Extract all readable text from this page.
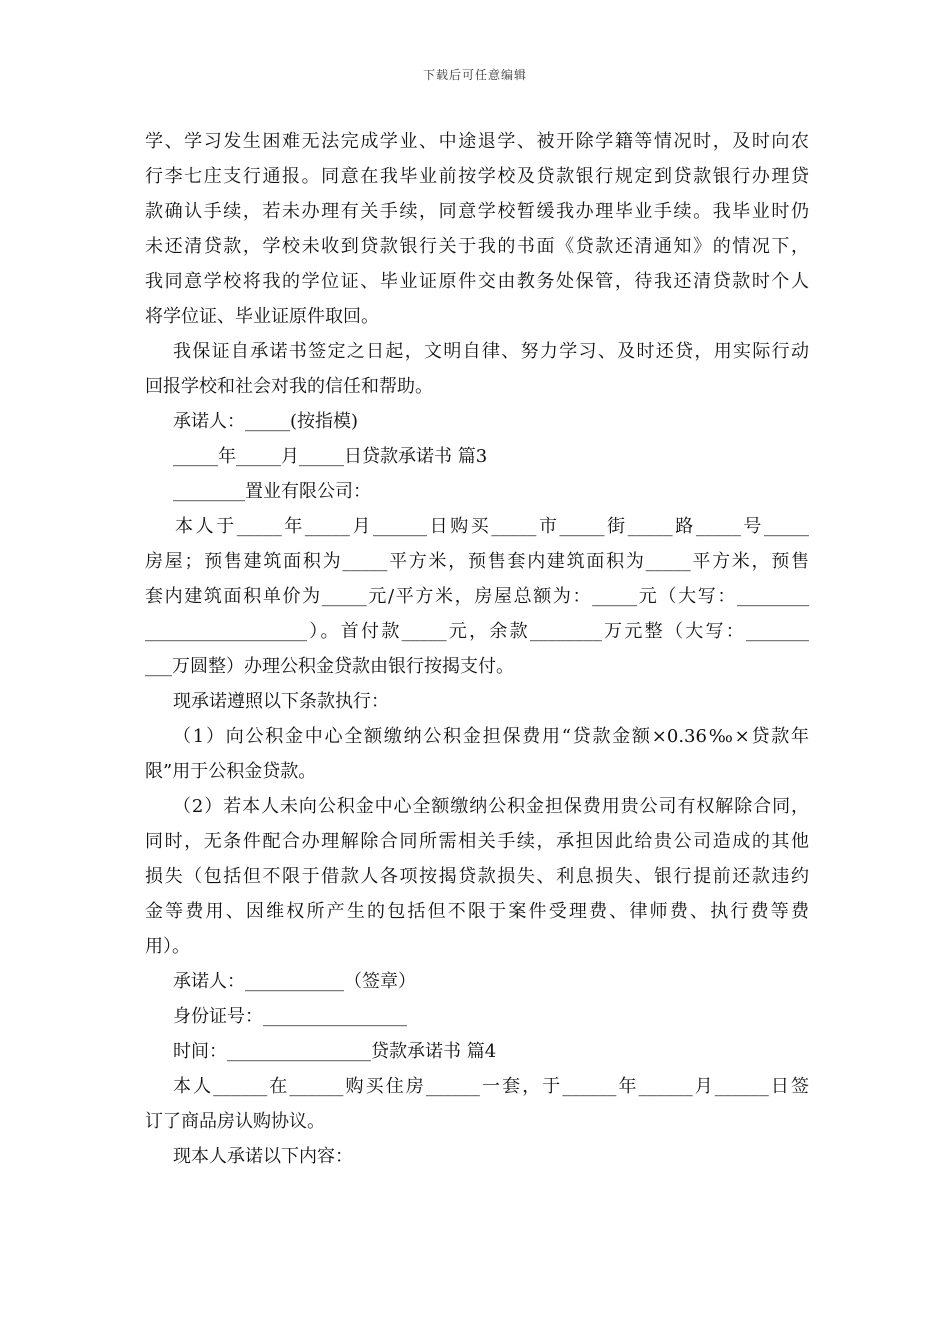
下载后可任意编辑
学、学习发生困难无法完成学业、中途退学、被开除学籍等情况时，及时向农
行李七庄支行通报。同意在我毕业前按学校及贷款银行规定到贷款银行办理贷
款确认手续，若未办理有关手续，同意学校暂缓我办理毕业手续。我毕业时仍
未还清贷款，学校未收到贷款银行关于我的书面《贷款还清通知》的情况下，
我同意学校将我的学位证、毕业证原件交由教务处保管，待我还清贷款时个人
将学位证、毕业证原件取回。
我保证自承诺书签定之日起，文明自律、努力学习、及时还贷，用实际行动
回报学校和社会对我的信任和帮助。
承诺人：_____(按指模)
_____年_____月_____日贷款承诺书 篇3
________置业有限公司：
本人于_____年_____月______日购买_____市_____街_____路_____号_____
房屋；预售建筑面积为_____平方米，预售套内建筑面积为_____平方米，预售
套内建筑面积单价为_____元/平方米，房屋总额为：_____元（大写：________
__________________）。首付款_____元，余款________万元整（大写：_______
___万圆整）办理公积金贷款由银行按揭支付。
现承诺遵照以下条款执行：
（1）向公积金中心全额缴纳公积金担保费用“贷款金额×0.36‰×贷款年
限”用于公积金贷款。
（2）若本人未向公积金中心全额缴纳公积金担保费用贵公司有权解除合同，
同时，无条件配合办理解除合同所需相关手续，承担因此给贵公司造成的其他
损失（包括但不限于借款人各项按揭贷款损失、利息损失、银行提前还款违约
金等费用、因维权所产生的包括但不限于案件受理费、律师费、执行费等费
用）。
承诺人：___________（签章）
身份证号：________________
时间：________________贷款承诺书 篇4
本人______在______购买住房______一套，于______年______月______日签
订了商品房认购协议。
现本人承诺以下内容：
